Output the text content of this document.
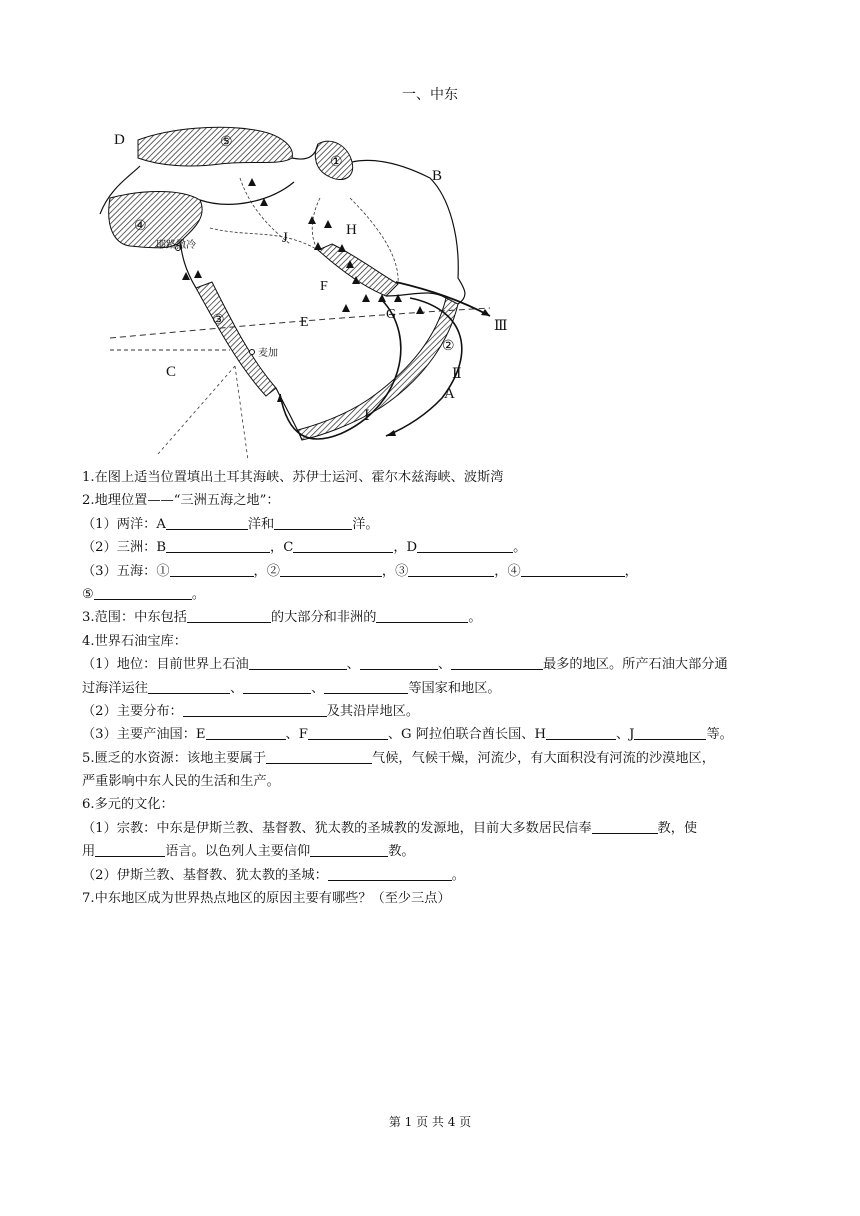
一、中东
D
B
C
E
F
G
H
J
A
①
②
③
④
⑤
Ⅰ
Ⅱ
Ⅲ
耶路撒冷
麦加
1.在图上适当位置填出土耳其海峡、苏伊士运河、霍尔木兹海峡、波斯湾
2.地理位置——“三洲五海之地”：
（1）两洋：A	洋和	洋。
（2）三洲：B	，C	，D	。
（3）五海：①	，②	，③	，④	，
⑤	。
3.范围：中东包括	的大部分和非洲的	。
4.世界石油宝库：
（1）地位：目前世界上石油	、	、	最多的地区。所产石油大部分通
过海洋运往	、	、	等国家和地区。
（2）主要分布：	及其沿岸地区。
（3）主要产油国：E	、F	、G 阿拉伯联合酋长国、H	、J	等。
5.匮乏的水资源：该地主要属于	气候，气候干燥，河流少，有大面积没有河流的沙漠地区，
严重影响中东人民的生活和生产。
6.多元的文化：
（1）宗教：中东是伊斯兰教、基督教、犹太教的圣城教的发源地，目前大多数居民信奉	教，使
用	语言。以色列人主要信仰	教。
（2）伊斯兰教、基督教、犹太教的圣城：	。
7.中东地区成为世界热点地区的原因主要有哪些？（至少三点）
第 1 页 共 4 页
